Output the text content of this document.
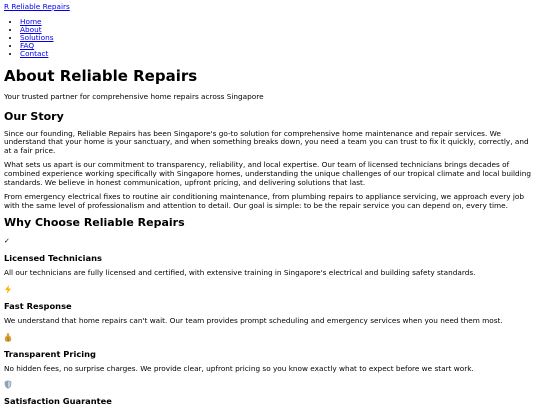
R Reliable Repairs
• Home
• About
• Solutions
• FAQ
• Contact
About Reliable Repairs

Your trusted partner for comprehensive home repairs across Singapore

Our Story

Since our founding, Reliable Repairs has been Singapore's go-to solution for comprehensive home maintenance and repair services. We understand that your home is your sanctuary, and when something breaks down, you need a team you can trust to fix it quickly, correctly, and at a fair price.

What sets us apart is our commitment to transparency, reliability, and local expertise. Our team of licensed technicians brings decades of combined experience working specifically with Singapore homes, understanding the unique challenges of our tropical climate and local building standards. We believe in honest communication, upfront pricing, and delivering solutions that last.

From emergency electrical fixes to routine air conditioning maintenance, from plumbing repairs to appliance servicing, we approach every job with the same level of professionalism and attention to detail. Our goal is simple: to be the repair service you can depend on, every time.

Why Choose Reliable Repairs
✓
Licensed Technicians

All our technicians are fully licensed and certified, with extensive training in Singapore's electrical and building safety standards.

Fast Response

We understand that home repairs can't wait. Our team provides prompt scheduling and emergency services when you need them most.

$
Transparent Pricing

No hidden fees, no surprise charges. We provide clear, upfront pricing so you know exactly what to expect before we start work.

Satisfaction Guarantee
